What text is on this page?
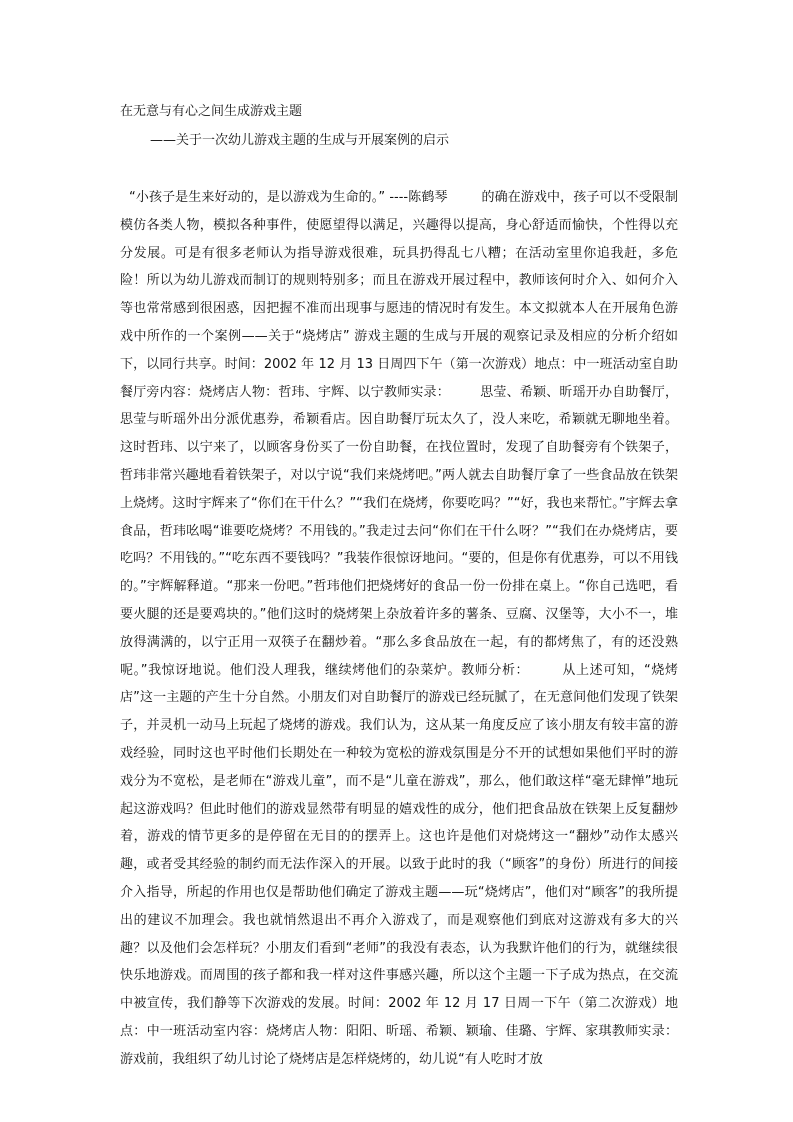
在无意与有心之间生成游戏主题
——关于一次幼儿游戏主题的生成与开展案例的启示
“小孩子是生来好动的，是以游戏为生命的。” ----陈鹤琴        的确在游戏中，孩子可以不受限制模仿各类人物，模拟各种事件，使愿望得以满足，兴趣得以提高，身心舒适而愉快，个性得以充分发展。可是有很多老师认为指导游戏很难，玩具扔得乱七八糟；在活动室里你追我赶，多危险！所以为幼儿游戏而制订的规则特别多；而且在游戏开展过程中，教师该何时介入、如何介入等也常常感到很困惑，因把握不准而出现事与愿违的情况时有发生。本文拟就本人在开展角色游戏中所作的一个案例——关于“烧烤店” 游戏主题的生成与开展的观察记录及相应的分析介绍如下，以同行共享。时间：2002 年 12 月 13 日周四下午（第一次游戏）地点：中一班活动室自助餐厅旁内容：烧烤店人物：哲玮、宇辉、以宁教师实录：       思莹、希颖、昕瑶开办自助餐厅，思莹与昕瑶外出分派优惠券，希颖看店。因自助餐厅玩太久了，没人来吃，希颖就无聊地坐着。这时哲玮、以宁来了，以顾客身份买了一份自助餐，在找位置时，发现了自助餐旁有个铁架子，哲玮非常兴趣地看着铁架子，对以宁说“我们来烧烤吧。”两人就去自助餐厅拿了一些食品放在铁架上烧烤。这时宇辉来了“你们在干什么？”“我们在烧烤，你要吃吗？”“好，我也来帮忙。”宇辉去拿食品，哲玮吆喝“谁要吃烧烤？不用钱的。”我走过去问“你们在干什么呀？”“我们在办烧烤店，要吃吗？不用钱的。”“吃东西不要钱吗？”我装作很惊讶地问。“要的，但是你有优惠券，可以不用钱的。”宇辉解释道。“那来一份吧。”哲玮他们把烧烤好的食品一份一份排在桌上。“你自己选吧，看要火腿的还是要鸡块的。”他们这时的烧烤架上杂放着许多的薯条、豆腐、汉堡等，大小不一，堆放得满满的，以宁正用一双筷子在翻炒着。“那么多食品放在一起，有的都烤焦了，有的还没熟呢。”我惊讶地说。他们没人理我，继续烤他们的杂菜炉。教师分析：       从上述可知，“烧烤店”这一主题的产生十分自然。小朋友们对自助餐厅的游戏已经玩腻了，在无意间他们发现了铁架子，并灵机一动马上玩起了烧烤的游戏。我们认为，这从某一角度反应了该小朋友有较丰富的游戏经验，同时这也平时他们长期处在一种较为宽松的游戏氛围是分不开的试想如果他们平时的游戏分为不宽松，是老师在“游戏儿童”，而不是“儿童在游戏”，那么，他们敢这样“毫无肆惮”地玩起这游戏吗？但此时他们的游戏显然带有明显的嬉戏性的成分，他们把食品放在铁架上反复翻炒着，游戏的情节更多的是停留在无目的的摆弄上。这也许是他们对烧烤这一“翻炒”动作太感兴趣，或者受其经验的制约而无法作深入的开展。以致于此时的我（“顾客”的身份）所进行的间接介入指导，所起的作用也仅是帮助他们确定了游戏主题——玩“烧烤店”，他们对“顾客”的我所提出的建议不加理会。我也就悄然退出不再介入游戏了，而是观察他们到底对这游戏有多大的兴趣？以及他们会怎样玩？小朋友们看到“老师”的我没有表态，认为我默许他们的行为，就继续很快乐地游戏。而周围的孩子都和我一样对这件事感兴趣，所以这个主题一下子成为热点，在交流中被宣传，我们静等下次游戏的发展。时间：2002 年 12 月 17 日周一下午（第二次游戏）地点：中一班活动室内容：烧烤店人物：阳阳、昕瑶、希颖、颖瑜、佳璐、宇辉、家琪教师实录：       游戏前，我组织了幼儿讨论了烧烤店是怎样烧烤的，幼儿说“有人吃时才放
